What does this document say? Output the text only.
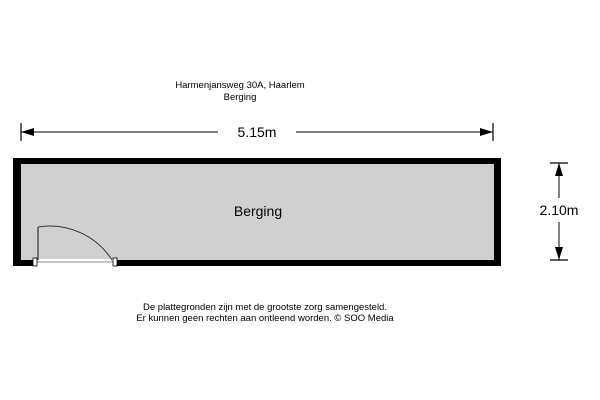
Harmenjansweg 30A, Haarlem
Berging
5.15m
Berging	2.10m
De plattegronden zijn met de grootste zorg samengesteld.
Er kunnen geen rechten aan ontleend worden. © SOO Media
